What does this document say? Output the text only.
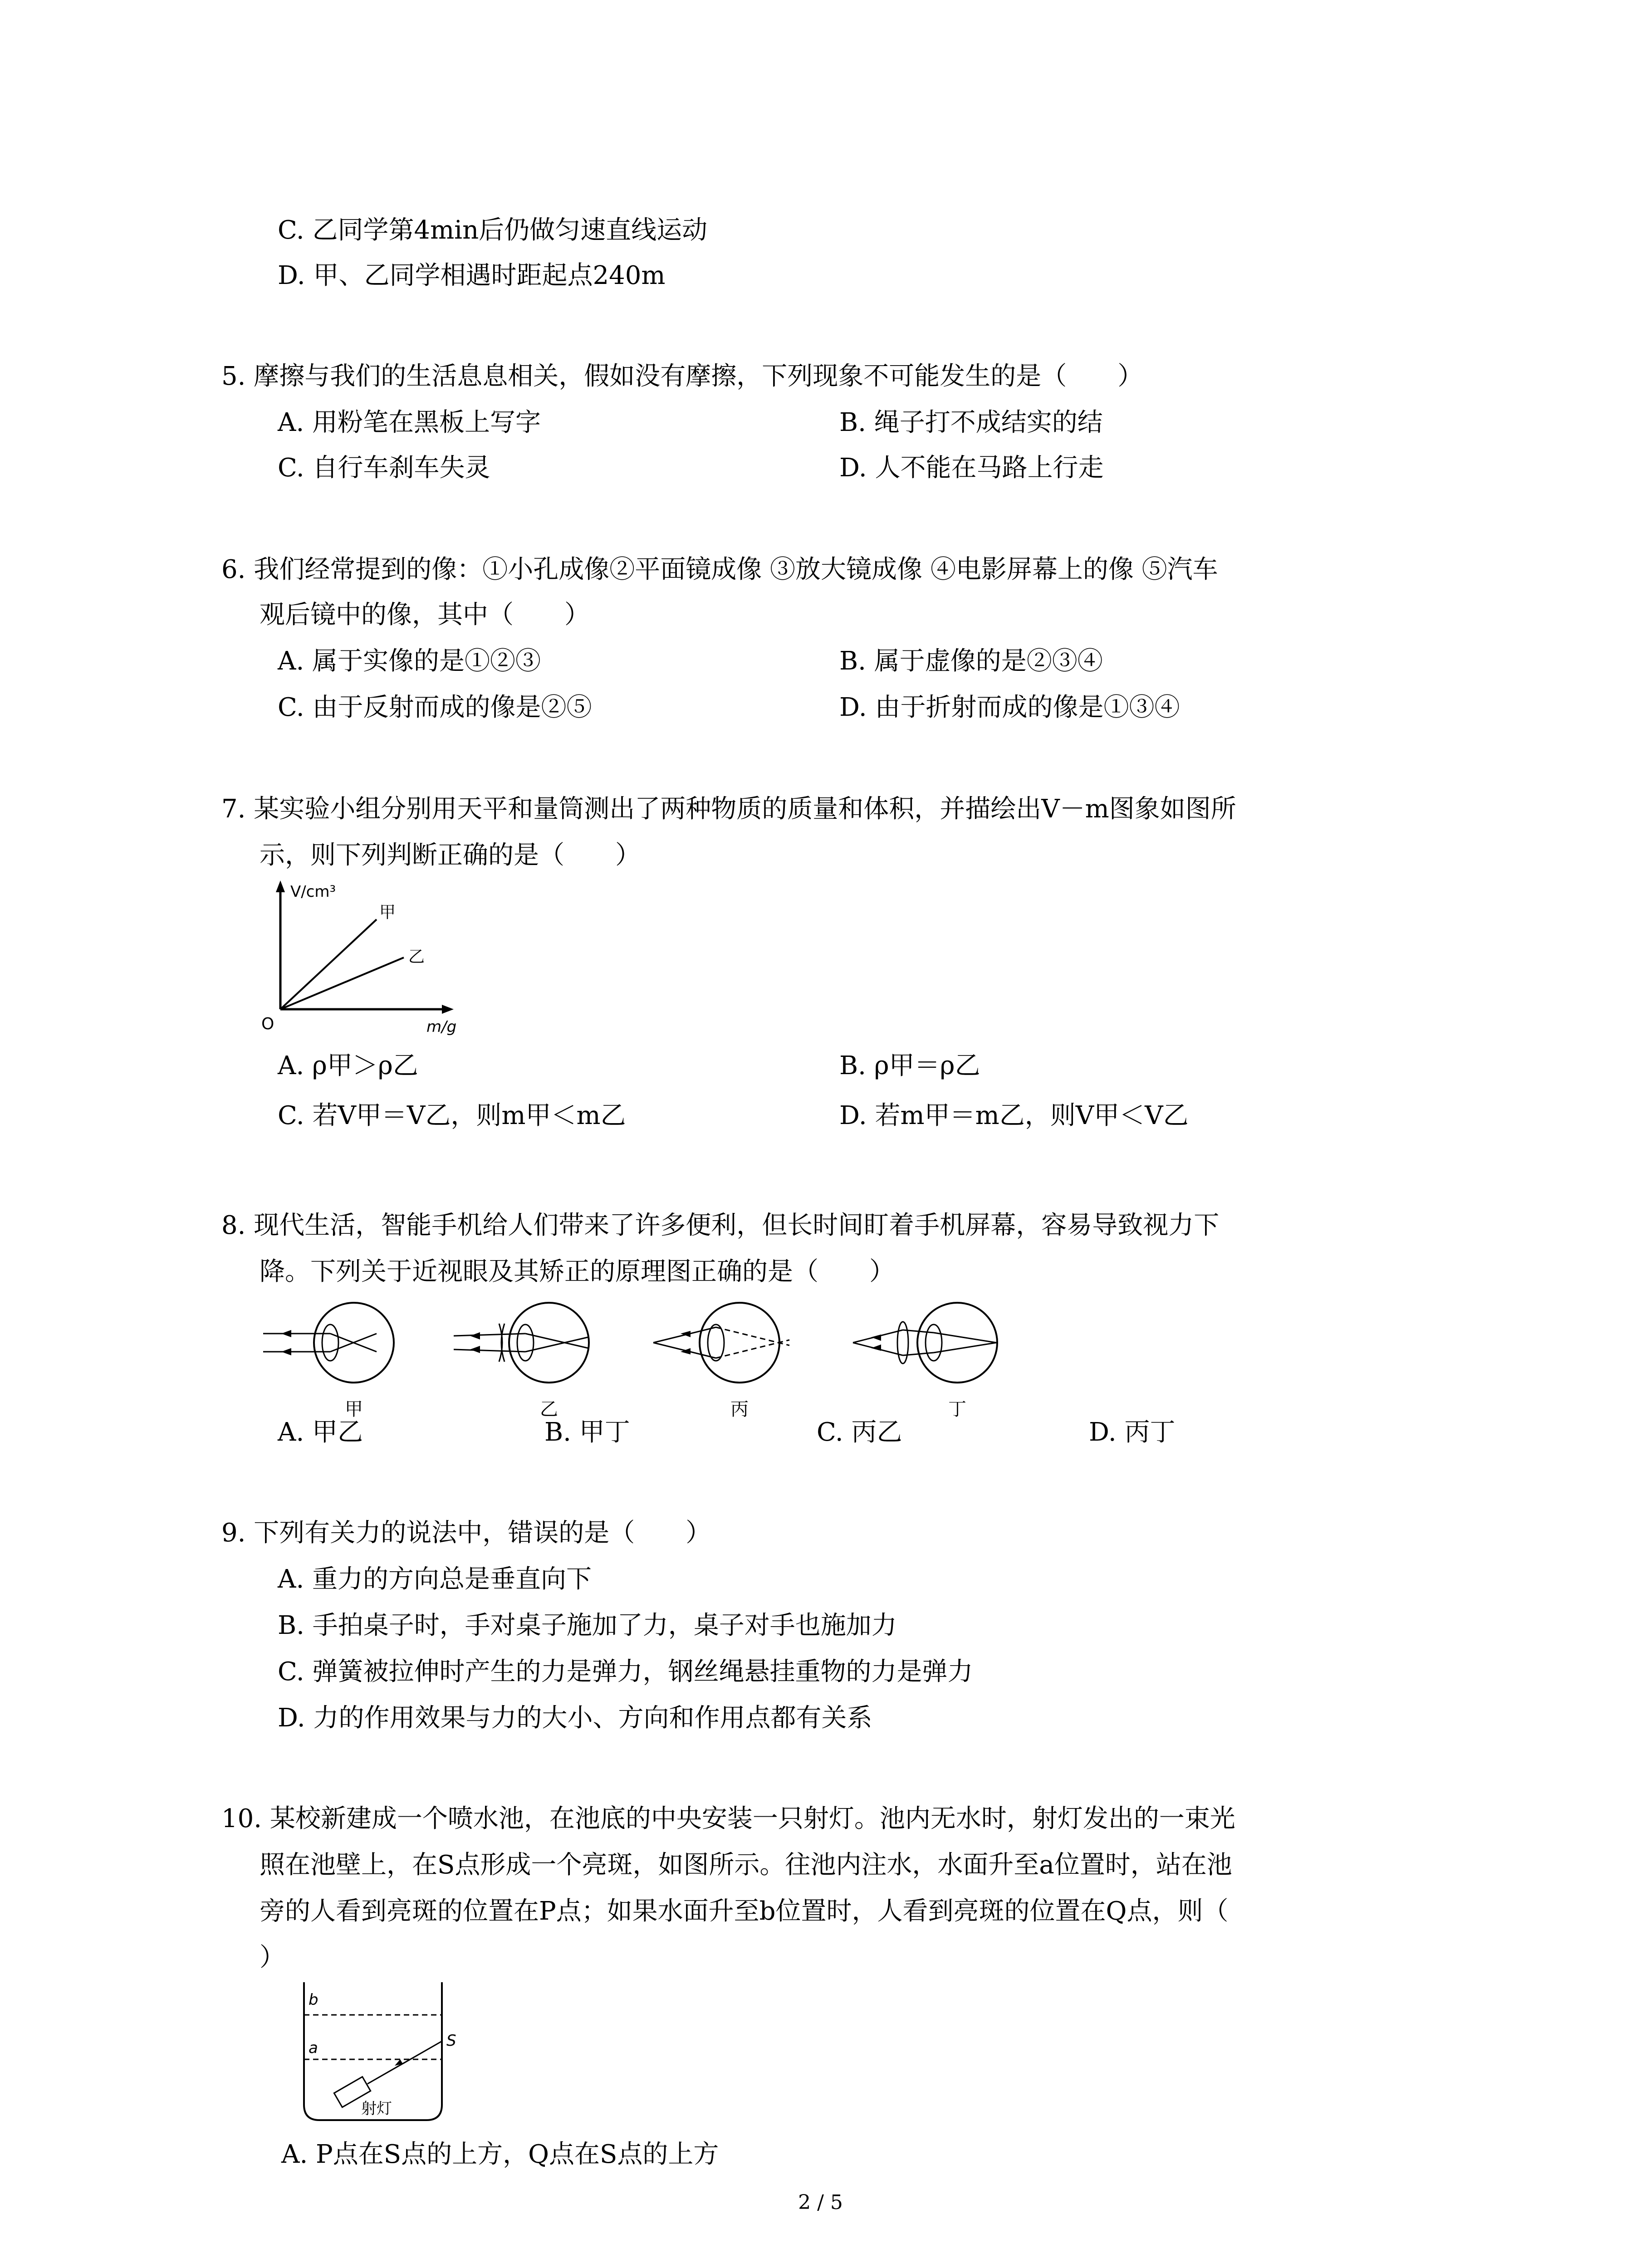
C. 乙同学第4min后仍做匀速直线运动
D. 甲、乙同学相遇时距起点240m
5. 摩擦与我们的生活息息相关，假如没有摩擦，下列现象不可能发生的是（　　）
A. 用粉笔在黑板上写字	B. 绳子打不成结实的结
C. 自行车刹车失灵	D. 人不能在马路上行走
6. 我们经常提到的像：①小孔成像②平面镜成像 ③放大镜成像 ④电影屏幕上的像 ⑤汽车
观后镜中的像，其中（　　）
A. 属于实像的是①②③	B. 属于虚像的是②③④
C. 由于反射而成的像是②⑤	D. 由于折射而成的像是①③④
7. 某实验小组分别用天平和量筒测出了两种物质的质量和体积，并描绘出V－m图象如图所
示，则下列判断正确的是（　　）
V/cm³
m/g
O
甲
乙
A. ρ甲＞ρ乙	B. ρ甲＝ρ乙
C. 若V甲＝V乙，则m甲＜m乙	D. 若m甲＝m乙，则V甲＜V乙
8. 现代生活，智能手机给人们带来了许多便利，但长时间盯着手机屏幕，容易导致视力下
降。下列关于近视眼及其矫正的原理图正确的是（　　）
甲	乙	丙	丁
A. 甲乙	B. 甲丁	C. 丙乙	D. 丙丁
9. 下列有关力的说法中，错误的是（　　）
A. 重力的方向总是垂直向下
B. 手拍桌子时，手对桌子施加了力，桌子对手也施加力
C. 弹簧被拉伸时产生的力是弹力，钢丝绳悬挂重物的力是弹力
D. 力的作用效果与力的大小、方向和作用点都有关系
10. 某校新建成一个喷水池，在池底的中央安装一只射灯。池内无水时，射灯发出的一束光
照在池壁上，在S点形成一个亮斑，如图所示。往池内注水，水面升至a位置时，站在池
旁的人看到亮斑的位置在P点；如果水面升至b位置时，人看到亮斑的位置在Q点，则（
）
b
a	S
射灯
A. P点在S点的上方，Q点在S点的上方
2 / 5
